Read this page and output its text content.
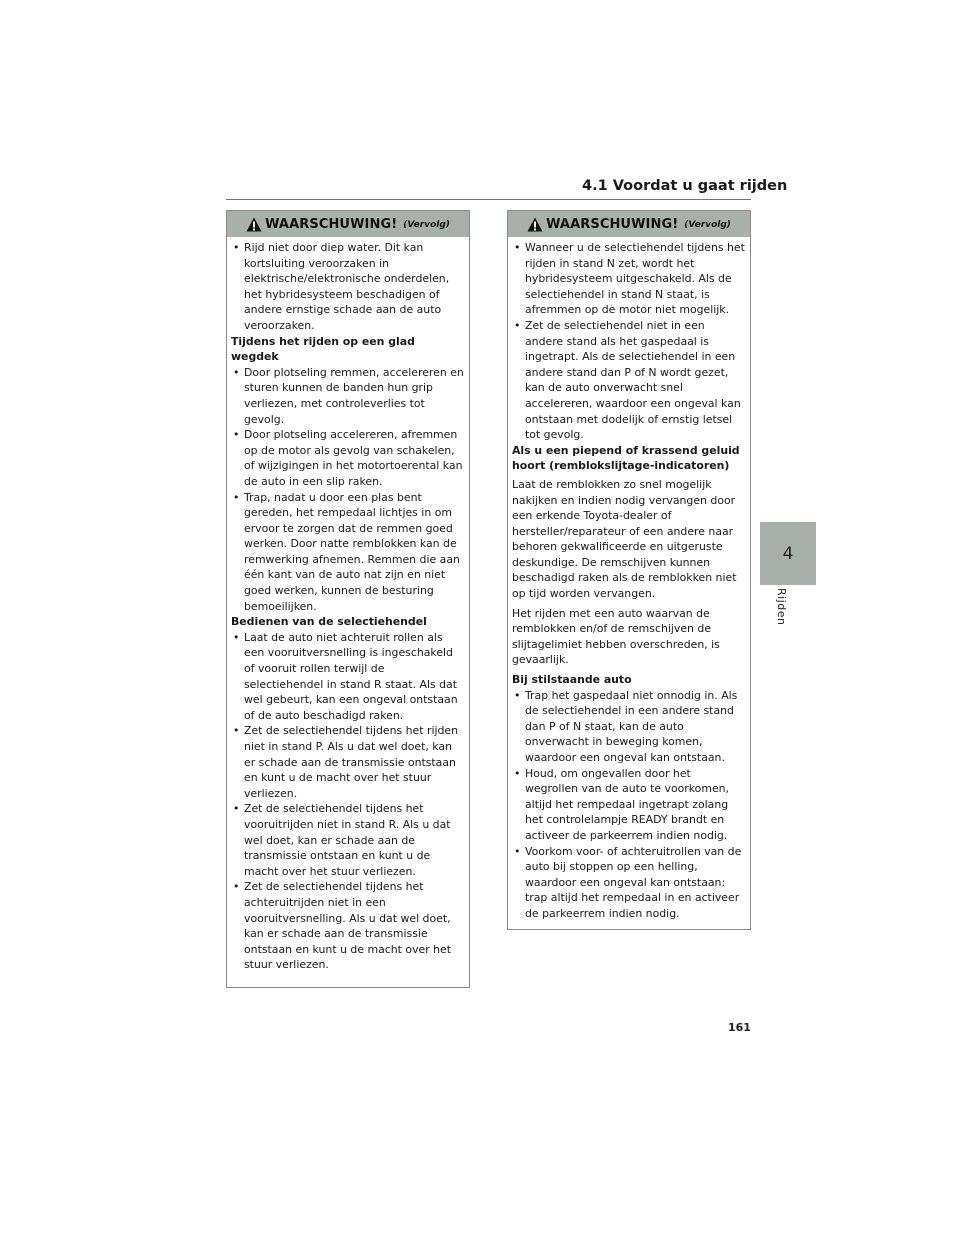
4.1 Voordat u gaat rijden
WAARSCHUWING! (Vervolg)
• Rijd niet door diep water. Dit kan kortsluiting veroorzaken in elektrische/elektronische onderdelen, het hybridesysteem beschadigen of andere ernstige schade aan de auto veroorzaken.
Tijdens het rijden op een glad wegdek
• Door plotseling remmen, accelereren en sturen kunnen de banden hun grip verliezen, met controleverlies tot gevolg.
• Door plotseling accelereren, afremmen op de motor als gevolg van schakelen, of wijzigingen in het motortoerental kan de auto in een slip raken.
• Trap, nadat u door een plas bent gereden, het rempedaal lichtjes in om ervoor te zorgen dat de remmen goed werken. Door natte remblokken kan de remwerking afnemen. Remmen die aan één kant van de auto nat zijn en niet goed werken, kunnen de besturing bemoeilijken.
Bedienen van de selectiehendel
• Laat de auto niet achteruit rollen als een vooruitversnelling is ingeschakeld of vooruit rollen terwijl de selectiehendel in stand R staat. Als dat wel gebeurt, kan een ongeval ontstaan of de auto beschadigd raken.
• Zet de selectiehendel tijdens het rijden niet in stand P. Als u dat wel doet, kan er schade aan de transmissie ontstaan en kunt u de macht over het stuur verliezen.
• Zet de selectiehendel tijdens het vooruitrijden niet in stand R. Als u dat wel doet, kan er schade aan de transmissie ontstaan en kunt u de macht over het stuur verliezen.
• Zet de selectiehendel tijdens het achteruitrijden niet in een vooruitversnelling. Als u dat wel doet, kan er schade aan de transmissie ontstaan en kunt u de macht over het stuur verliezen.
WAARSCHUWING! (Vervolg)
• Wanneer u de selectiehendel tijdens het rijden in stand N zet, wordt het hybridesysteem uitgeschakeld. Als de selectiehendel in stand N staat, is afremmen op de motor niet mogelijk.
• Zet de selectiehendel niet in een andere stand als het gaspedaal is ingetrapt. Als de selectiehendel in een andere stand dan P of N wordt gezet, kan de auto onverwacht snel accelereren, waardoor een ongeval kan ontstaan met dodelijk of ernstig letsel tot gevolg.
Als u een piepend of krassend geluid hoort (remblokslijtage-indicatoren)

Laat de remblokken zo snel mogelijk nakijken en indien nodig vervangen door een erkende Toyota-dealer of hersteller/reparateur of een andere naar behoren gekwalificeerde en uitgeruste deskundige. De remschijven kunnen beschadigd raken als de remblokken niet op tijd worden vervangen.

Het rijden met een auto waarvan de remblokken en/of de remschijven de slijtagelimiet hebben overschreden, is gevaarlijk.

Bij stilstaande auto
• Trap het gaspedaal niet onnodig in. Als de selectiehendel in een andere stand dan P of N staat, kan de auto onverwacht in beweging komen, waardoor een ongeval kan ontstaan.
• Houd, om ongevallen door het wegrollen van de auto te voorkomen, altijd het rempedaal ingetrapt zolang het controlelampje READY brandt en activeer de parkeerrem indien nodig.
• Voorkom voor- of achteruitrollen van de auto bij stoppen op een helling, waardoor een ongeval kan ontstaan: trap altijd het rempedaal in en activeer de parkeerrem indien nodig.
4
Rijden
161
